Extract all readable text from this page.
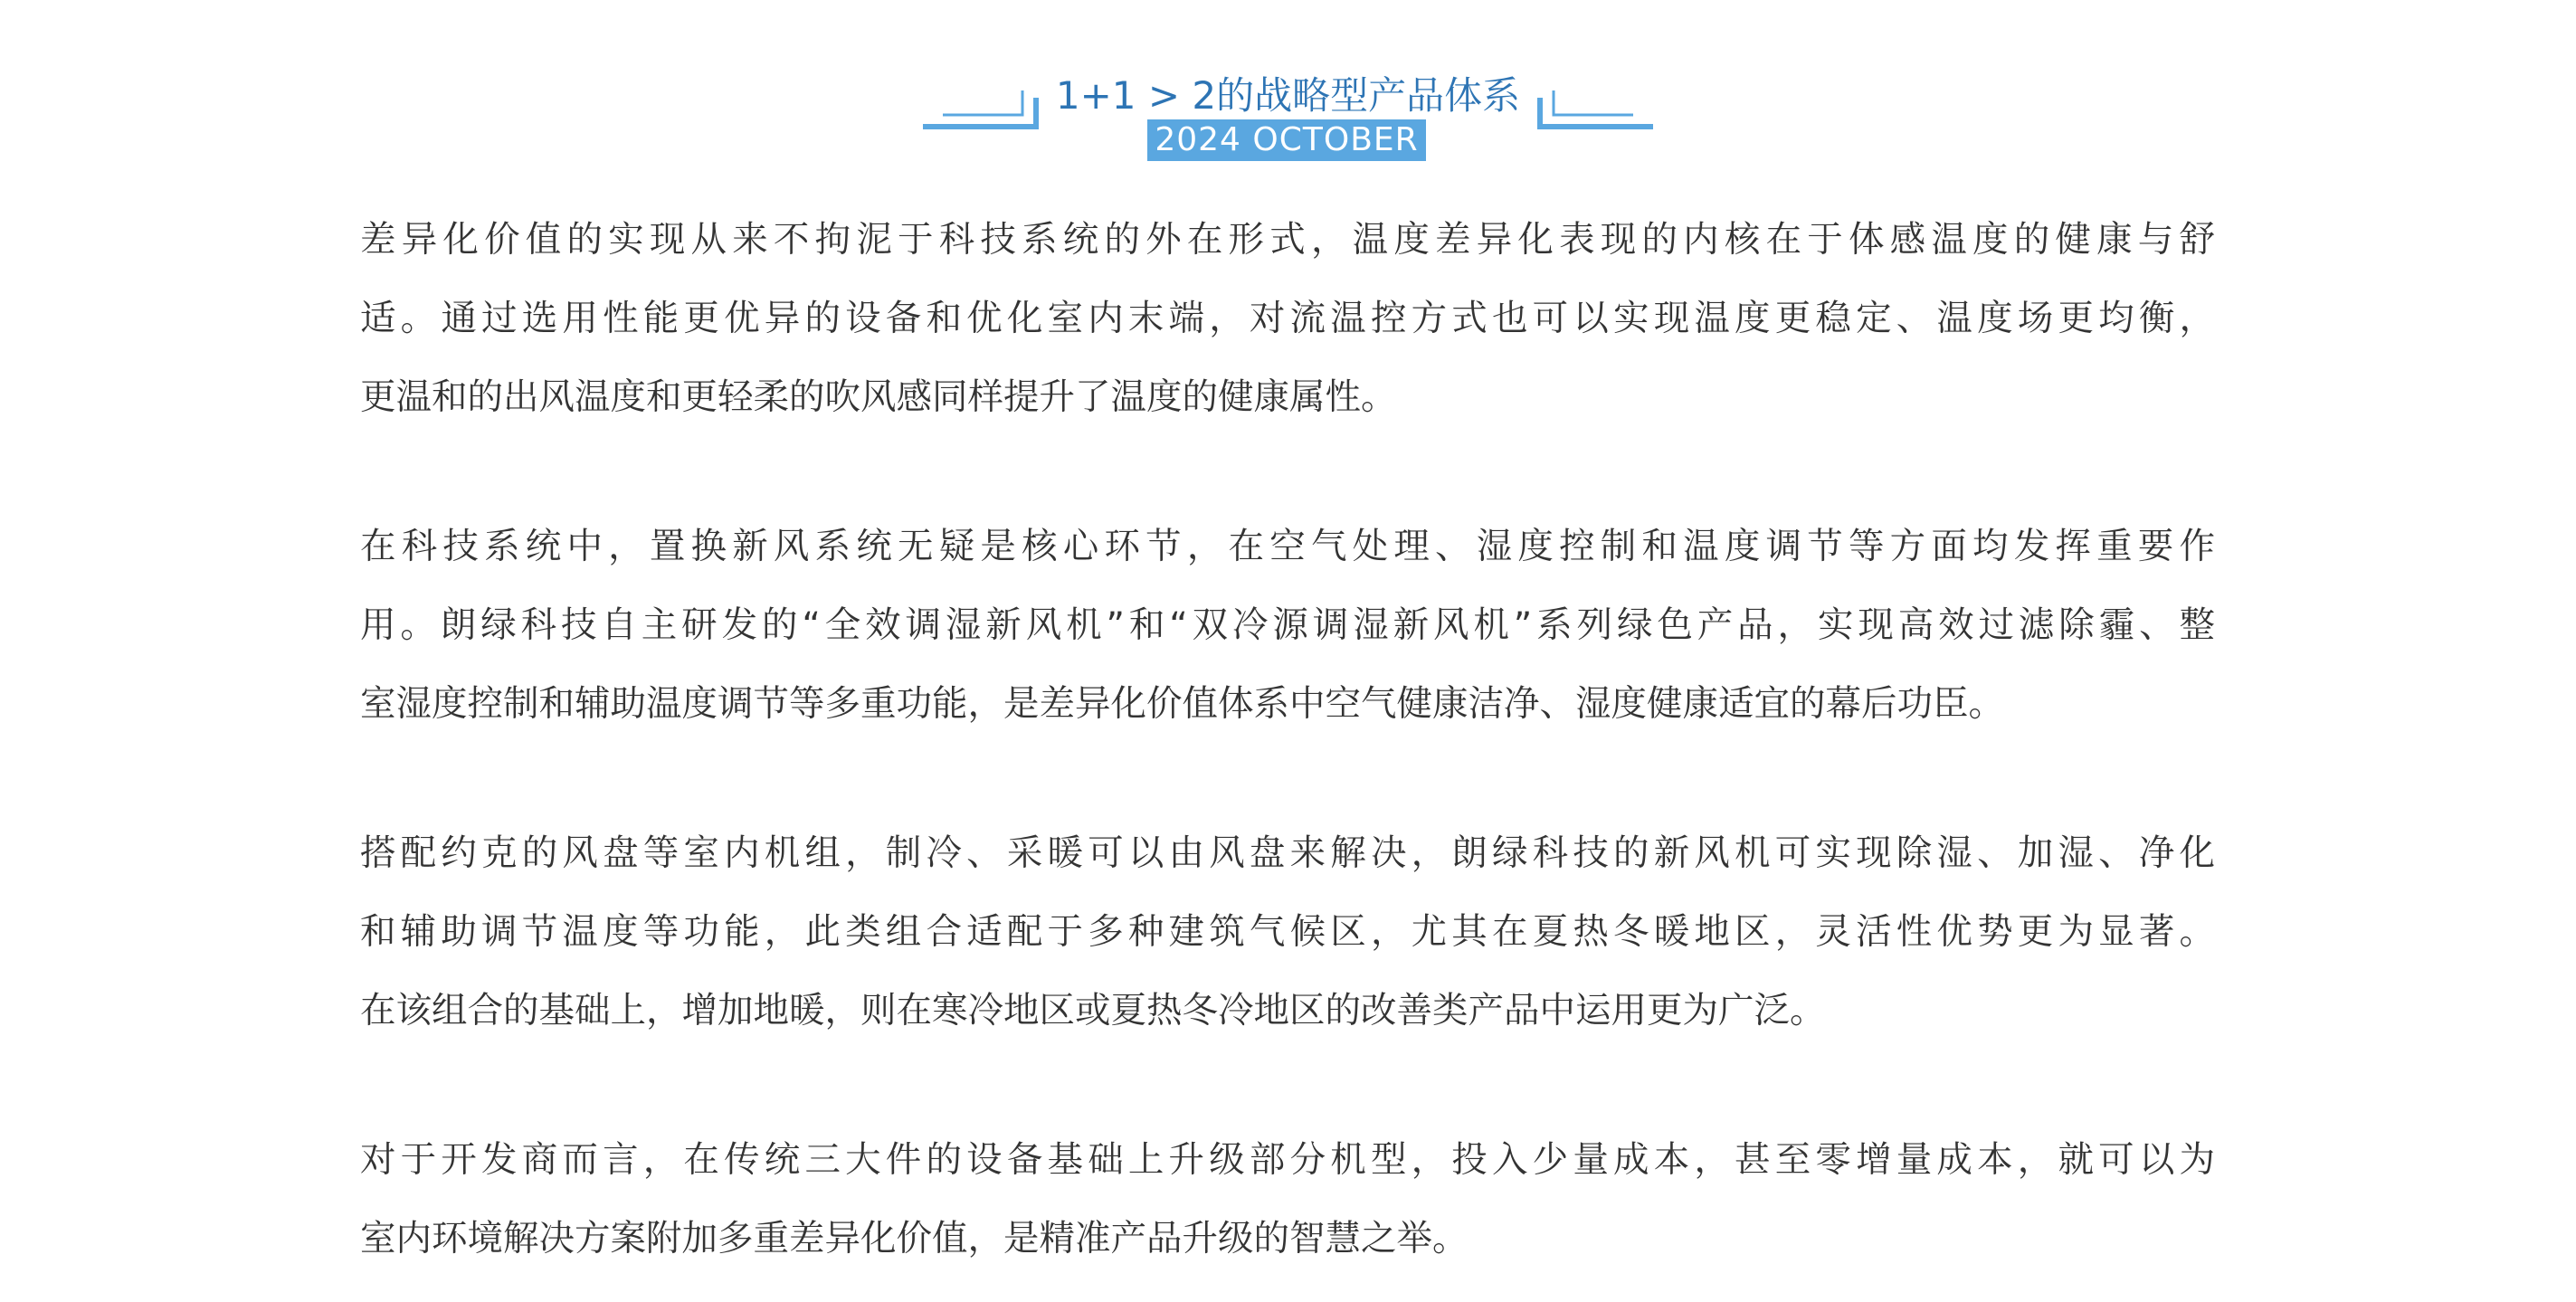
1+1 > 2的战略型产品体系
2024 OCTOBER

差异化价值的实现从来不拘泥于科技系统的外在形式，温度差异化表现的内核在于体感温度的健康与舒
适。通过选用性能更优异的设备和优化室内末端，对流温控方式也可以实现温度更稳定、温度场更均衡，
更温和的出风温度和更轻柔的吹风感同样提升了温度的健康属性。

在科技系统中，置换新风系统无疑是核心环节，在空气处理、湿度控制和温度调节等方面均发挥重要作
用。朗绿科技自主研发的“全效调湿新风机”和“双冷源调湿新风机”系列绿色产品，实现高效过滤除霾、整
室湿度控制和辅助温度调节等多重功能，是差异化价值体系中空气健康洁净、湿度健康适宜的幕后功臣。

搭配约克的风盘等室内机组，制冷、采暖可以由风盘来解决，朗绿科技的新风机可实现除湿、加湿、净化
和辅助调节温度等功能，此类组合适配于多种建筑气候区，尤其在夏热冬暖地区，灵活性优势更为显著。
在该组合的基础上，增加地暖，则在寒冷地区或夏热冬冷地区的改善类产品中运用更为广泛。

对于开发商而言，在传统三大件的设备基础上升级部分机型，投入少量成本，甚至零增量成本，就可以为
室内环境解决方案附加多重差异化价值，是精准产品升级的智慧之举。
